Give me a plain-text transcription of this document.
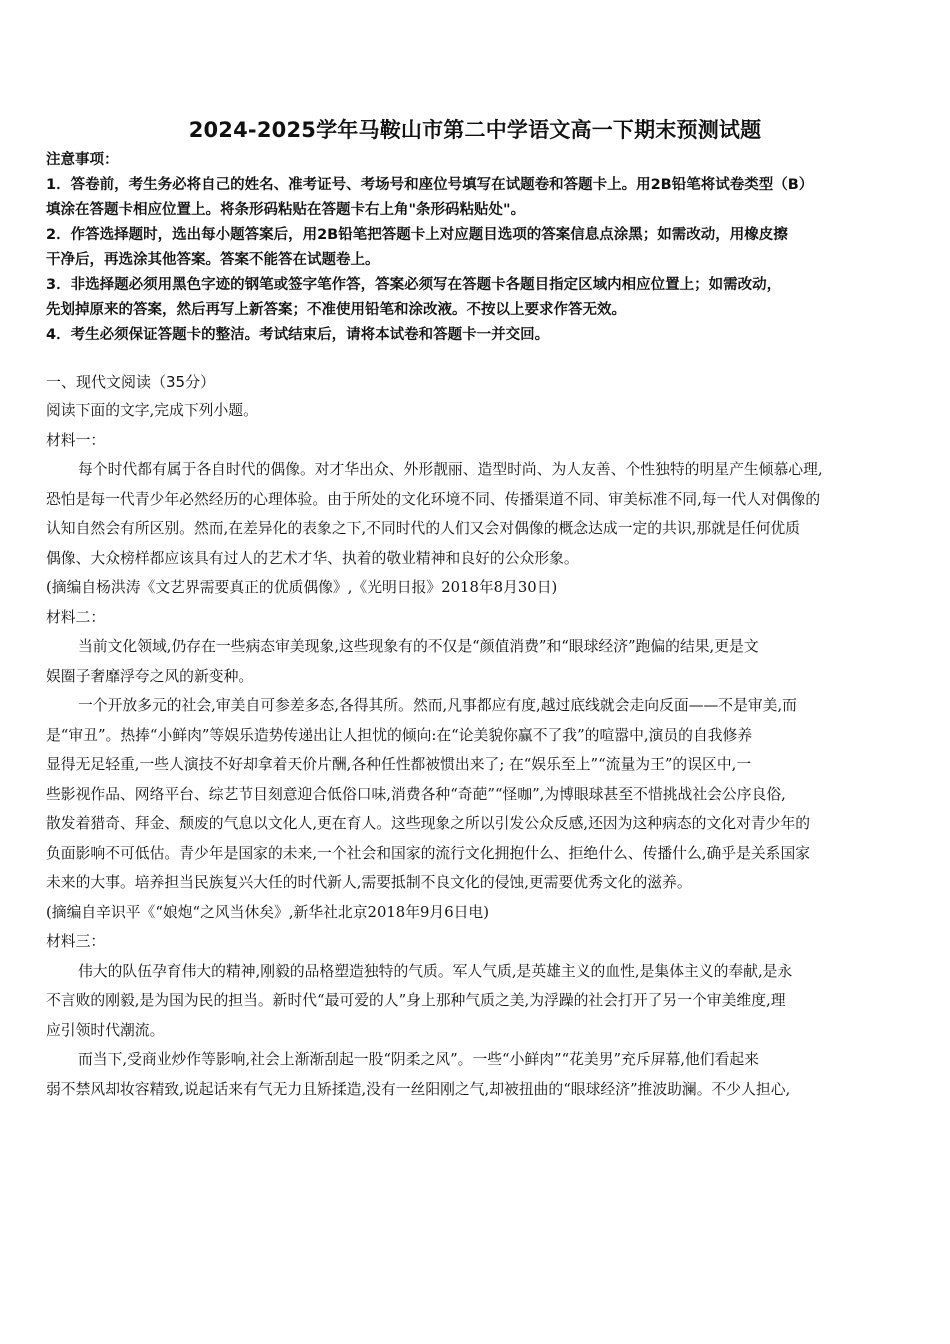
2024-2025学年马鞍山市第二中学语文高一下期末预测试题
注意事项：
1．答卷前，考生务必将自己的姓名、准考证号、考场号和座位号填写在试题卷和答题卡上。用2B铅笔将试卷类型（B）
填涂在答题卡相应位置上。将条形码粘贴在答题卡右上角"条形码粘贴处"。
2．作答选择题时，选出每小题答案后，用2B铅笔把答题卡上对应题目选项的答案信息点涂黑；如需改动，用橡皮擦
干净后，再选涂其他答案。答案不能答在试题卷上。
3．非选择题必须用黑色字迹的钢笔或签字笔作答，答案必须写在答题卡各题目指定区域内相应位置上；如需改动，
先划掉原来的答案，然后再写上新答案；不准使用铅笔和涂改液。不按以上要求作答无效。
4．考生必须保证答题卡的整洁。考试结束后，请将本试卷和答题卡一并交回。
一、现代文阅读（35分）
阅读下面的文字,完成下列小题。
材料一：
每个时代都有属于各自时代的偶像。对才华出众、外形靓丽、造型时尚、为人友善、个性独特的明星产生倾慕心理,
恐怕是每一代青少年必然经历的心理体验。由于所处的文化环境不同、传播渠道不同、审美标准不同,每一代人对偶像的
认知自然会有所区别。然而,在差异化的表象之下,不同时代的人们又会对偶像的概念达成一定的共识,那就是任何优质
偶像、大众榜样都应该具有过人的艺术才华、执着的敬业精神和良好的公众形象。
(摘编自杨洪涛《文艺界需要真正的优质偶像》,《光明日报》2018年8月30日)
材料二：
当前文化领域,仍存在一些病态审美现象,这些现象有的不仅是“颜值消费”和“眼球经济”跑偏的结果,更是文
娱圈子奢靡浮夸之风的新变种。
一个开放多元的社会,审美自可参差多态,各得其所。然而,凡事都应有度,越过底线就会走向反面——不是审美,而
是“审丑”。热捧“小鲜肉”等娱乐造势传递出让人担忧的倾向:在“论美貌你赢不了我”的喧嚣中,演员的自我修养
显得无足轻重,一些人演技不好却拿着天价片酬,各种任性都被惯出来了; 在“娱乐至上”“流量为王”的误区中,一
些影视作品、网络平台、综艺节目刻意迎合低俗口味,消费各种“奇葩”“怪咖”,为博眼球甚至不惜挑战社会公序良俗,
散发着猎奇、拜金、颓废的气息以文化人,更在育人。这些现象之所以引发公众反感,还因为这种病态的文化对青少年的
负面影响不可低估。青少年是国家的未来,一个社会和国家的流行文化拥抱什么、拒绝什么、传播什么,确乎是关系国家
未来的大事。培养担当民族复兴大任的时代新人,需要抵制不良文化的侵蚀,更需要优秀文化的滋养。
(摘编自辛识平《“娘炮“之风当休矣》,新华社北京2018年9月6日电)
材料三：
伟大的队伍孕育伟大的精神,刚毅的品格塑造独特的气质。军人气质,是英雄主义的血性,是集体主义的奉献,是永
不言败的刚毅,是为国为民的担当。新时代“最可爱的人”身上那种气质之美,为浮躁的社会打开了另一个审美维度,理
应引领时代潮流。
而当下,受商业炒作等影响,社会上渐渐刮起一股“阴柔之风”。一些“小鲜肉”“花美男”充斥屏幕,他们看起来
弱不禁风却妆容精致,说起话来有气无力且矫揉造,没有一丝阳刚之气,却被扭曲的“眼球经济”推波助澜。不少人担心,
